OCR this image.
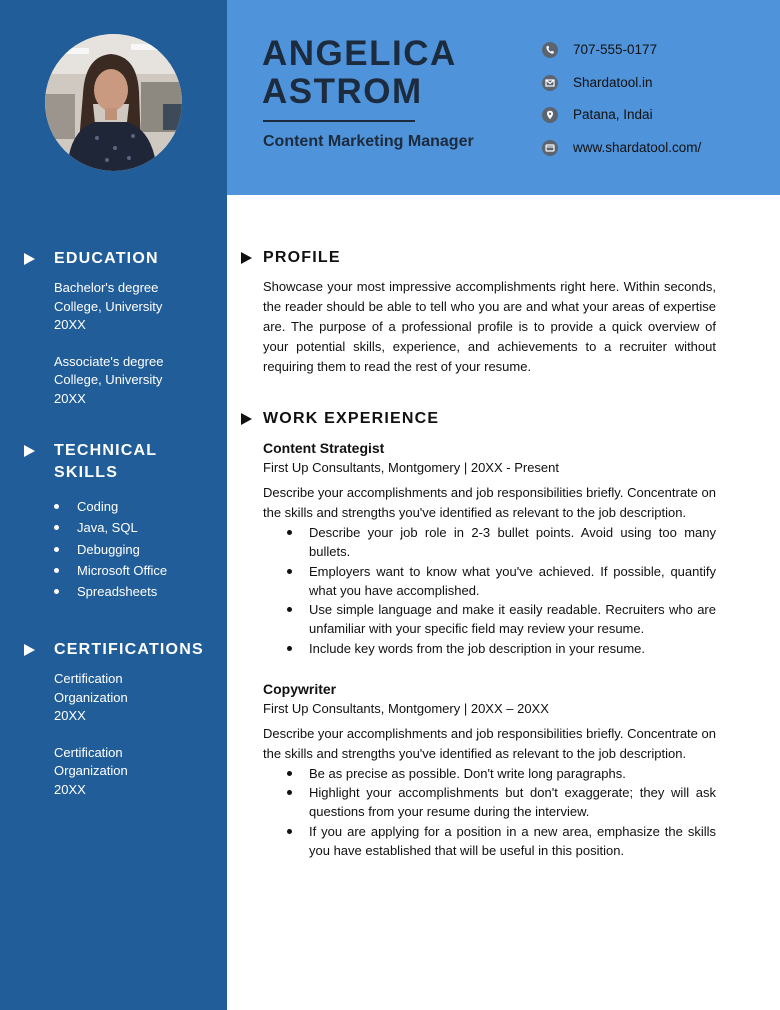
EDUCATION
Bachelor's degree
College, University
20XX
Associate's degree
College, University
20XX
TECHNICAL
SKILLS
Coding
Java, SQL
Debugging
Microsoft Office
Spreadsheets
CERTIFICATIONS
Certification
Organization
20XX
Certification
Organization
20XX
ANGELICA
ASTROM
Content Marketing Manager
707-555-0177
Shardatool.in
Patana, Indai
www.shardatool.com/
PROFILE

Showcase your most impressive accomplishments right here. Within seconds, the reader should be able to tell who you are and what your areas of expertise are. The purpose of a professional profile is to provide a quick overview of your potential skills, experience, and achievements to a recruiter without requiring them to read the rest of your resume.

WORK EXPERIENCE
Content Strategist
First Up Consultants, Montgomery | 20XX - Present

Describe your accomplishments and job responsibilities briefly. Concentrate on the skills and strengths you've identified as relevant to the job description.

Describe your job role in 2-3 bullet points. Avoid using too many bullets.
Employers want to know what you've achieved. If possible, quantify what you have accomplished.
Use simple language and make it easily readable. Recruiters who are unfamiliar with your specific field may review your resume.
Include key words from the job description in your resume.
Copywriter
First Up Consultants, Montgomery | 20XX – 20XX

Describe your accomplishments and job responsibilities briefly. Concentrate on the skills and strengths you've identified as relevant to the job description.

Be as precise as possible. Don't write long paragraphs.
Highlight your accomplishments but don't exaggerate; they will ask questions from your resume during the interview.
If you are applying for a position in a new area, emphasize the skills you have established that will be useful in this position.
